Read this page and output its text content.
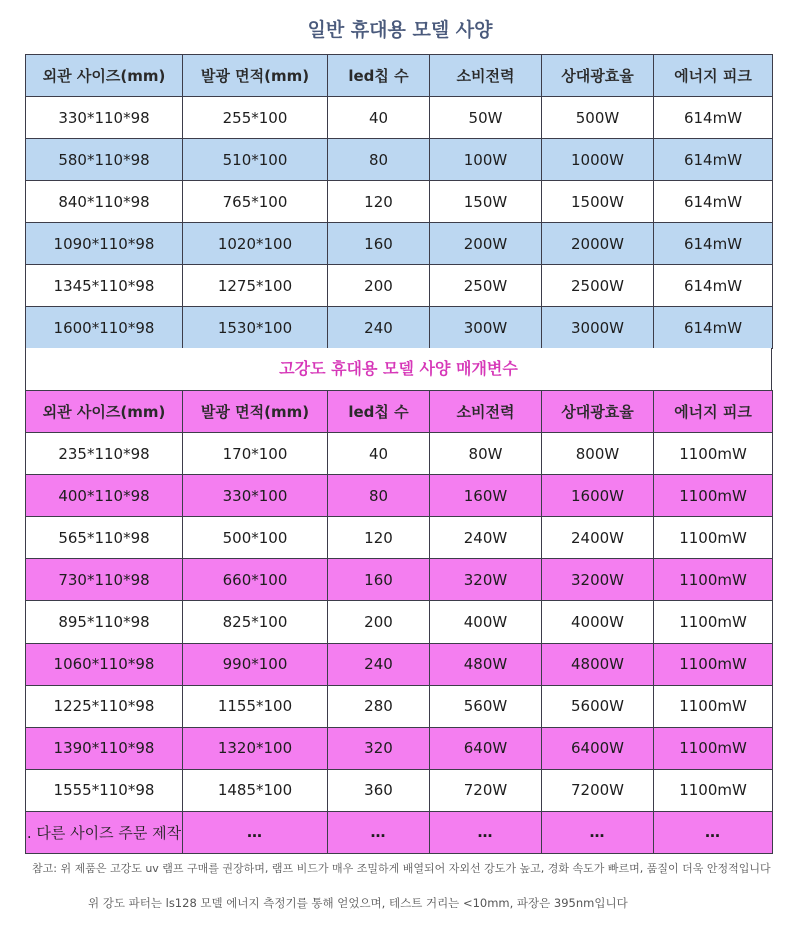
일반 휴대용 모델 사양
외관 사이즈(mm)	발광 면적(mm)	led칩 수	소비전력	상대광효율	에너지 피크
330*110*98	255*100	40	50W	500W	614mW
580*110*98	510*100	80	100W	1000W	614mW
840*110*98	765*100	120	150W	1500W	614mW
1090*110*98	1020*100	160	200W	2000W	614mW
1345*110*98	1275*100	200	250W	2500W	614mW
1600*110*98	1530*100	240	300W	3000W	614mW
고강도 휴대용 모델 사양 매개변수
외관 사이즈(mm)	발광 면적(mm)	led칩 수	소비전력	상대광효율	에너지 피크
235*110*98	170*100	40	80W	800W	1100mW
400*110*98	330*100	80	160W	1600W	1100mW
565*110*98	500*100	120	240W	2400W	1100mW
730*110*98	660*100	160	320W	3200W	1100mW
895*110*98	825*100	200	400W	4000W	1100mW
1060*110*98	990*100	240	480W	4800W	1100mW
1225*110*98	1155*100	280	560W	5600W	1100mW
1390*110*98	1320*100	320	640W	6400W	1100mW
1555*110*98	1485*100	360	720W	7200W	1100mW
. 다른 사이즈 주문 제작	…	…	…	…	…
참고: 위 제품은 고강도 uv 램프 구매를 권장하며, 램프 비드가 매우 조밀하게 배열되어 자외선 강도가 높고, 경화 속도가 빠르며, 품질이 더욱 안정적입니다
위 강도 파터는 ls128 모델 에너지 측정기를 통해 얻었으며, 테스트 거리는 <10mm, 파장은 395nm입니다
